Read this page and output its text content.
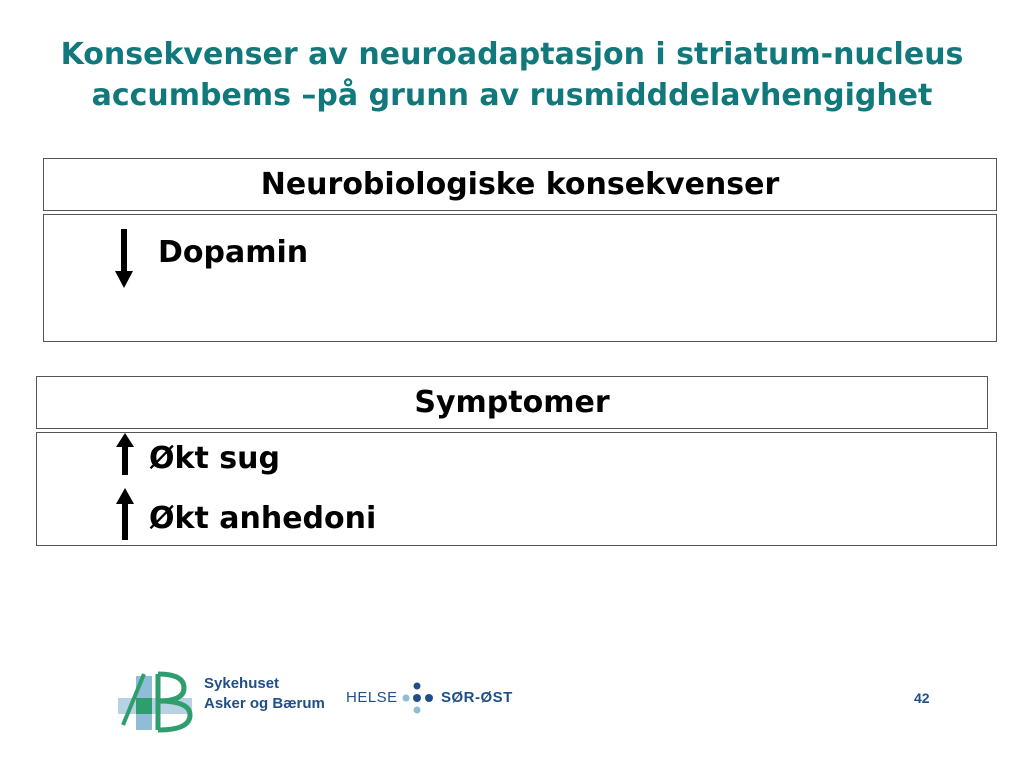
Konsekvenser av neuroadaptasjon i striatum-nucleus
accumbems –på grunn av rusmidddelavhengighet
Neurobiologiske konsekvenser
Dopamin
Symptomer
Økt sug
Økt anhedoni
Sykehuset
Asker og Bærum HELSE	SØR-ØST	42
